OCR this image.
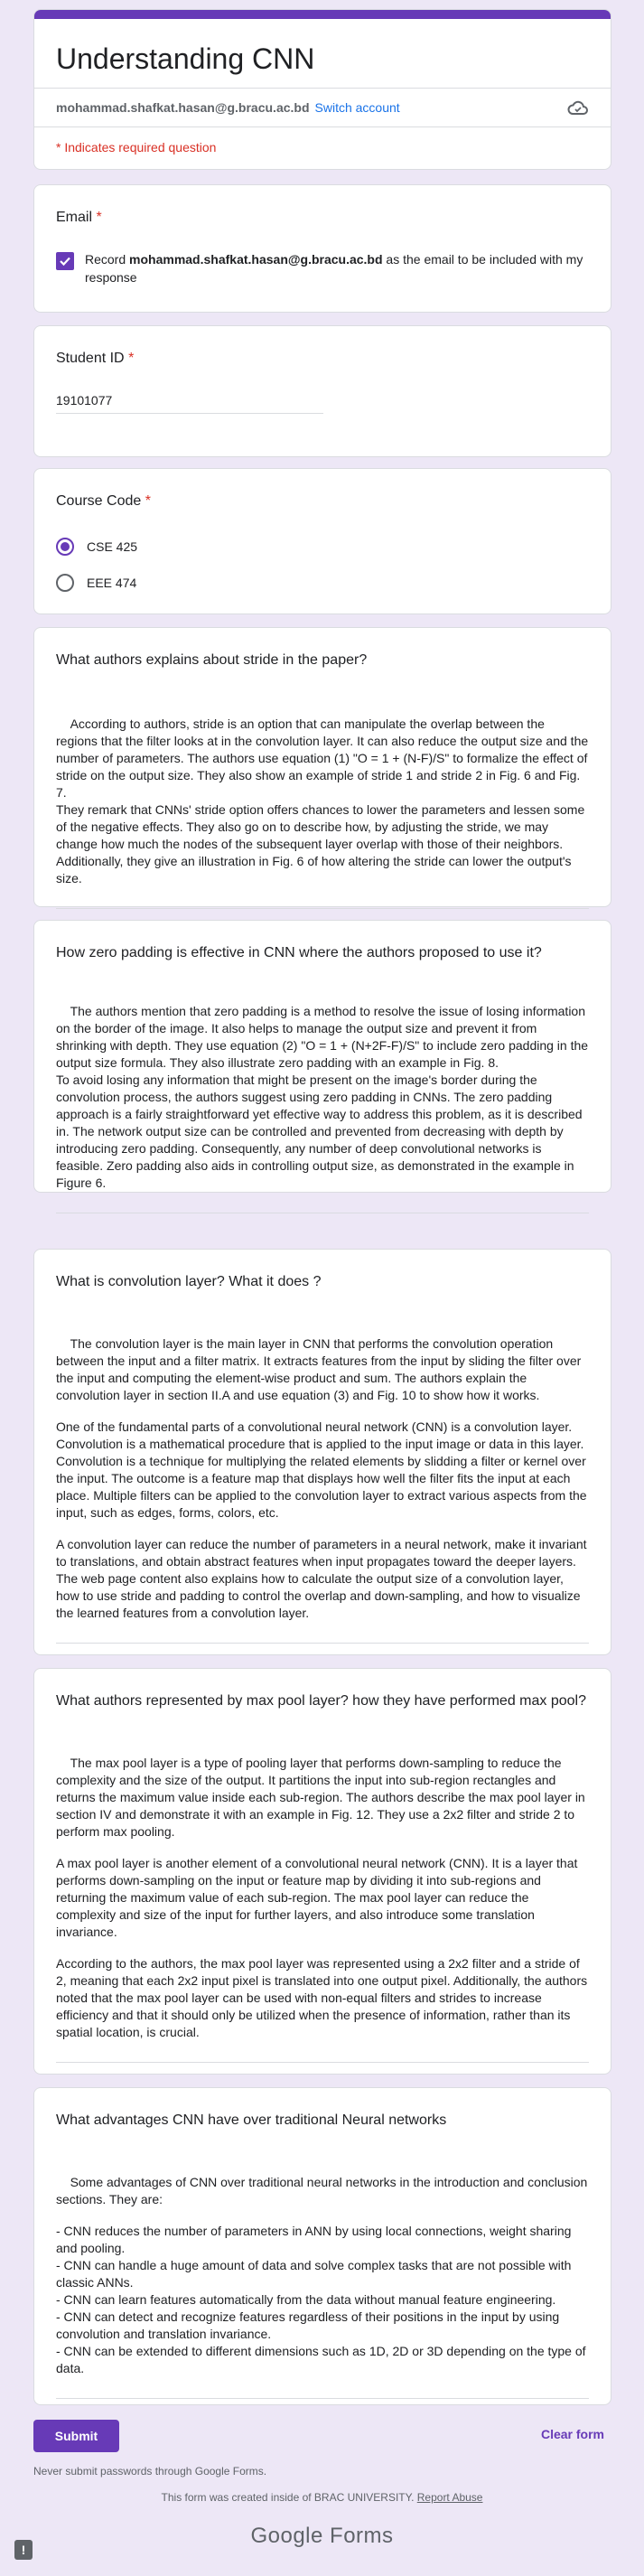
Understanding CNN
mohammad.shafkat.hasan@g.bracu.ac.bd Switch account
* Indicates required question
Email *
Record mohammad.shafkat.hasan@g.bracu.ac.bd as the email to be included with my response
Student ID *
19101077
Course Code *
CSE 425
EEE 474
What authors explains about stride in the paper?

According to authors, stride is an option that can manipulate the overlap between the regions that the filter looks at in the convolution layer. It can also reduce the output size and the number of parameters. The authors use equation (1) "O = 1 + (N-F)/S" to formalize the effect of stride on the output size. They also show an example of stride 1 and stride 2 in Fig. 6 and Fig. 7.
They remark that CNNs' stride option offers chances to lower the parameters and lessen some of the negative effects. They also go on to describe how, by adjusting the stride, we may change how much the nodes of the subsequent layer overlap with those of their neighbors. Additionally, they give an illustration in Fig. 6 of how altering the stride can lower the output's size.

How zero padding is effective in CNN where the authors proposed to use it?

The authors mention that zero padding is a method to resolve the issue of losing information on the border of the image. It also helps to manage the output size and prevent it from shrinking with depth. They use equation (2) "O = 1 + (N+2F-F)/S" to include zero padding in the output size formula. They also illustrate zero padding with an example in Fig. 8.
To avoid losing any information that might be present on the image's border during the convolution process, the authors suggest using zero padding in CNNs. The zero padding approach is a fairly straightforward yet effective way to address this problem, as it is described in. The network output size can be controlled and prevented from decreasing with depth by introducing zero padding. Consequently, any number of deep convolutional networks is feasible. Zero padding also aids in controlling output size, as demonstrated in the example in Figure 6.

What is convolution layer? What it does ?

The convolution layer is the main layer in CNN that performs the convolution operation between the input and a filter matrix. It extracts features from the input by sliding the filter over the input and computing the element-wise product and sum. The authors explain the convolution layer in section II.A and use equation (3) and Fig. 10 to show how it works.
One of the fundamental parts of a convolutional neural network (CNN) is a convolution layer. Convolution is a mathematical procedure that is applied to the input image or data in this layer. Convolution is a technique for multiplying the related elements by slidding a filter or kernel over the input. The outcome is a feature map that displays how well the filter fits the input at each place. Multiple filters can be applied to the convolution layer to extract various aspects from the input, such as edges, forms, colors, etc.
A convolution layer can reduce the number of parameters in a neural network, make it invariant to translations, and obtain abstract features when input propagates toward the deeper layers. The web page content also explains how to calculate the output size of a convolution layer, how to use stride and padding to control the overlap and down-sampling, and how to visualize the learned features from a convolution layer.

What authors represented by max pool layer? how they have performed max pool?

The max pool layer is a type of pooling layer that performs down-sampling to reduce the complexity and the size of the output. It partitions the input into sub-region rectangles and returns the maximum value inside each sub-region. The authors describe the max pool layer in section IV and demonstrate it with an example in Fig. 12. They use a 2x2 filter and stride 2 to perform max pooling.
A max pool layer is another element of a convolutional neural network (CNN). It is a layer that performs down-sampling on the input or feature map by dividing it into sub-regions and returning the maximum value of each sub-region. The max pool layer can reduce the complexity and size of the input for further layers, and also introduce some translation invariance.
According to the authors, the max pool layer was represented using a 2x2 filter and a stride of 2, meaning that each 2x2 input pixel is translated into one output pixel. Additionally, the authors noted that the max pool layer can be used with non-equal filters and strides to increase efficiency and that it should only be utilized when the presence of information, rather than its spatial location, is crucial.

What advantages CNN have over traditional Neural networks

Some advantages of CNN over traditional neural networks in the introduction and conclusion sections. They are:
- CNN reduces the number of parameters in ANN by using local connections, weight sharing and pooling.
- CNN can handle a huge amount of data and solve complex tasks that are not possible with classic ANNs.
- CNN can learn features automatically from the data without manual feature engineering.
- CNN can detect and recognize features regardless of their positions in the input by using convolution and translation invariance.
- CNN can be extended to different dimensions such as 1D, 2D or 3D depending on the type of data.

Submit	Clear form
Never submit passwords through Google Forms.
This form was created inside of BRAC UNIVERSITY. Report Abuse
Google Forms
!
